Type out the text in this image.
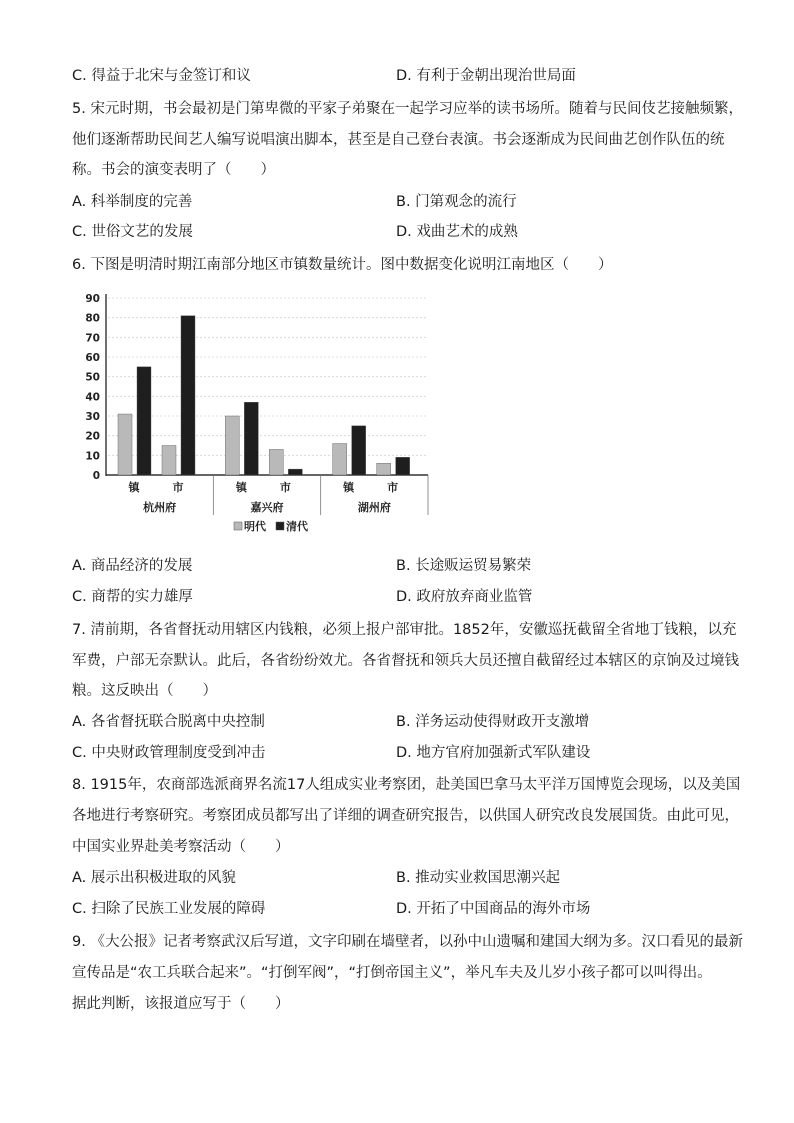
C. 得益于北宋与金签订和议	D. 有利于金朝出现治世局面
5. 宋元时期，书会最初是门第卑微的平家子弟聚在一起学习应举的读书场所。随着与民间伎艺接触频繁，
他们逐渐帮助民间艺人编写说唱演出脚本，甚至是自己登台表演。书会逐渐成为民间曲艺创作队伍的统
称。书会的演变表明了（　　）
A. 科举制度的完善	B. 门第观念的流行
C. 世俗文艺的发展	D. 戏曲艺术的成熟
6. 下图是明清时期江南部分地区市镇数量统计。图中数据变化说明江南地区（　　）
0
10
20
30
40
50
60
70
80
90
镇	市	镇	市	镇	市
杭州府	嘉兴府	湖州府
明代 清代
A. 商品经济的发展	B. 长途贩运贸易繁荣
C. 商帮的实力雄厚	D. 政府放弃商业监管
7. 清前期，各省督抚动用辖区内钱粮，必须上报户部审批。1852年，安徽巡抚截留全省地丁钱粮，以充
军费，户部无奈默认。此后，各省纷纷效尤。各省督抚和领兵大员还擅自截留经过本辖区的京饷及过境钱
粮。这反映出（　　）
A. 各省督抚联合脱离中央控制	B. 洋务运动使得财政开支激增
C. 中央财政管理制度受到冲击	D. 地方官府加强新式军队建设
8. 1915年，农商部选派商界名流17人组成实业考察团，赴美国巴拿马太平洋万国博览会现场，以及美国
各地进行考察研究。考察团成员都写出了详细的调查研究报告，以供国人研究改良发展国货。由此可见，
中国实业界赴美考察活动（　　）
A. 展示出积极进取的风貌	B. 推动实业救国思潮兴起
C. 扫除了民族工业发展的障碍	D. 开拓了中国商品的海外市场
9. 《大公报》记者考察武汉后写道，文字印刷在墙壁者，以孙中山遗嘱和建国大纲为多。汉口看见的最新
宣传品是“农工兵联合起来”。“打倒军阀”，“打倒帝国主义”，举凡车夫及儿岁小孩子都可以叫得出。
据此判断，该报道应写于（　　）
